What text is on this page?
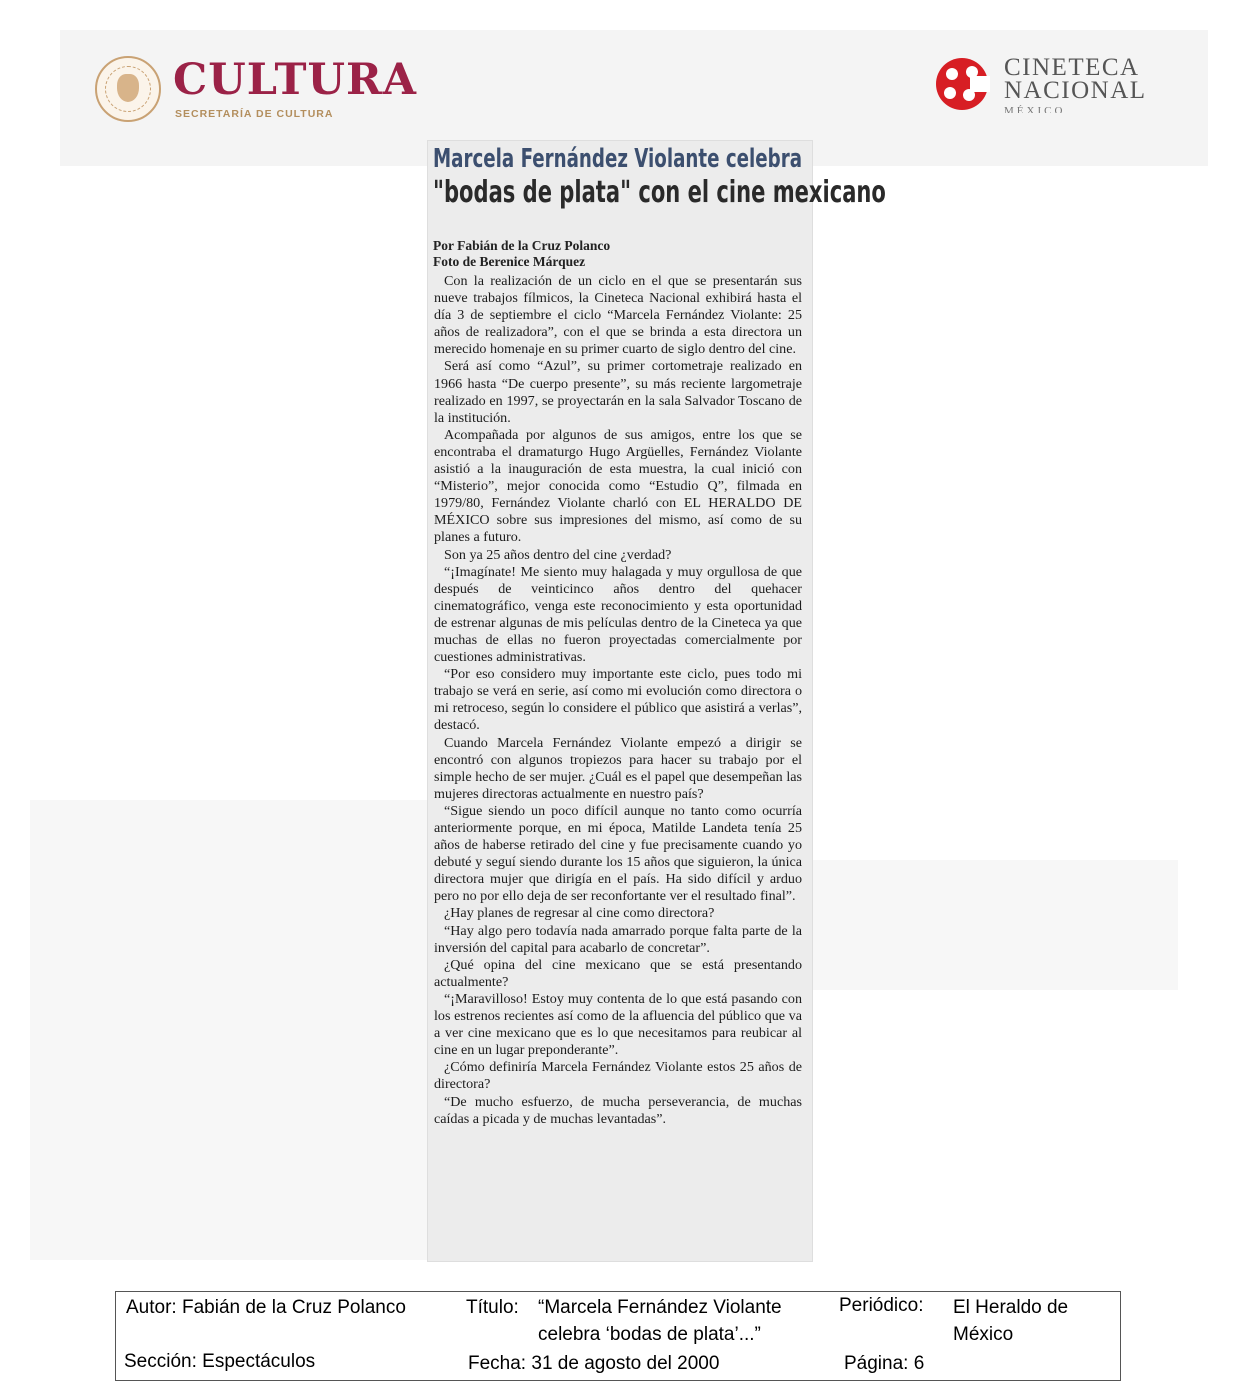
CULTURA
SECRETARÍA DE CULTURA
CINETECA
NACIONAL
MÉXICO
Marcela Fernández Violante celebra
"bodas de plata" con el cine mexicano
Por Fabián de la Cruz Polanco
Foto de Berenice Márquez

Con la realización de un ciclo en el que se presentarán sus nueve trabajos fílmicos, la Cineteca Nacional exhibirá hasta el día 3 de septiembre el ciclo “Marcela Fernández Violante: 25 años de realizadora”, con el que se brinda a esta directora un merecido homenaje en su primer cuarto de siglo dentro del cine.

Será así como “Azul”, su primer cortometraje realizado en 1966 hasta “De cuerpo presente”, su más reciente largometraje realizado en 1997, se proyectarán en la sala Salvador Toscano de la institución.

Acompañada por algunos de sus amigos, entre los que se encontraba el dramaturgo Hugo Argüelles, Fernández Violante asistió a la inauguración de esta muestra, la cual inició con “Misterio”, mejor conocida como “Estudio Q”, filmada en 1979/80, Fernández Violante charló con EL HERALDO DE MÉXICO sobre sus impresiones del mismo, así como de su planes a futuro.

Son ya 25 años dentro del cine ¿verdad?

“¡Imagínate! Me siento muy halagada y muy orgullosa de que después de veinticinco años dentro del quehacer cinematográfico, venga este reconocimiento y esta oportunidad de estrenar algunas de mis películas dentro de la Cineteca ya que muchas de ellas no fueron proyectadas comercialmente por cuestiones administrativas.

“Por eso considero muy importante este ciclo, pues todo mi trabajo se verá en serie, así como mi evolución como directora o mi retroceso, según lo considere el público que asistirá a verlas”, destacó.

Cuando Marcela Fernández Violante empezó a dirigir se encontró con algunos tropiezos para hacer su trabajo por el simple hecho de ser mujer. ¿Cuál es el papel que desempeñan las mujeres directoras actualmente en nuestro país?

“Sigue siendo un poco difícil aunque no tanto como ocurría anteriormente porque, en mi época, Matilde Landeta tenía 25 años de haberse retirado del cine y fue precisamente cuando yo debuté y seguí siendo durante los 15 años que siguieron, la única directora mujer que dirigía en el país. Ha sido difícil y arduo pero no por ello deja de ser reconfortante ver el resultado final”.

¿Hay planes de regresar al cine como directora?

“Hay algo pero todavía nada amarrado porque falta parte de la inversión del capital para acabarlo de concretar”.

¿Qué opina del cine mexicano que se está presentando actualmente?

“¡Maravilloso! Estoy muy contenta de lo que está pasando con los estrenos recientes así como de la afluencia del público que va a ver cine mexicano que es lo que necesitamos para reubicar al cine en un lugar preponderante”.

¿Cómo definiría Marcela Fernández Violante estos 25 años de directora?

“De mucho esfuerzo, de mucha perseverancia, de muchas caídas a picada y de muchas levantadas”.

Autor: Fabián de la Cruz Polanco	Título: “Marcela Fernández Violante
celebra ‘bodas de plata’...”
Periódico: El Heraldo de
México
Sección: Espectáculos	Fecha: 31 de agosto del 2000	Página: 6
